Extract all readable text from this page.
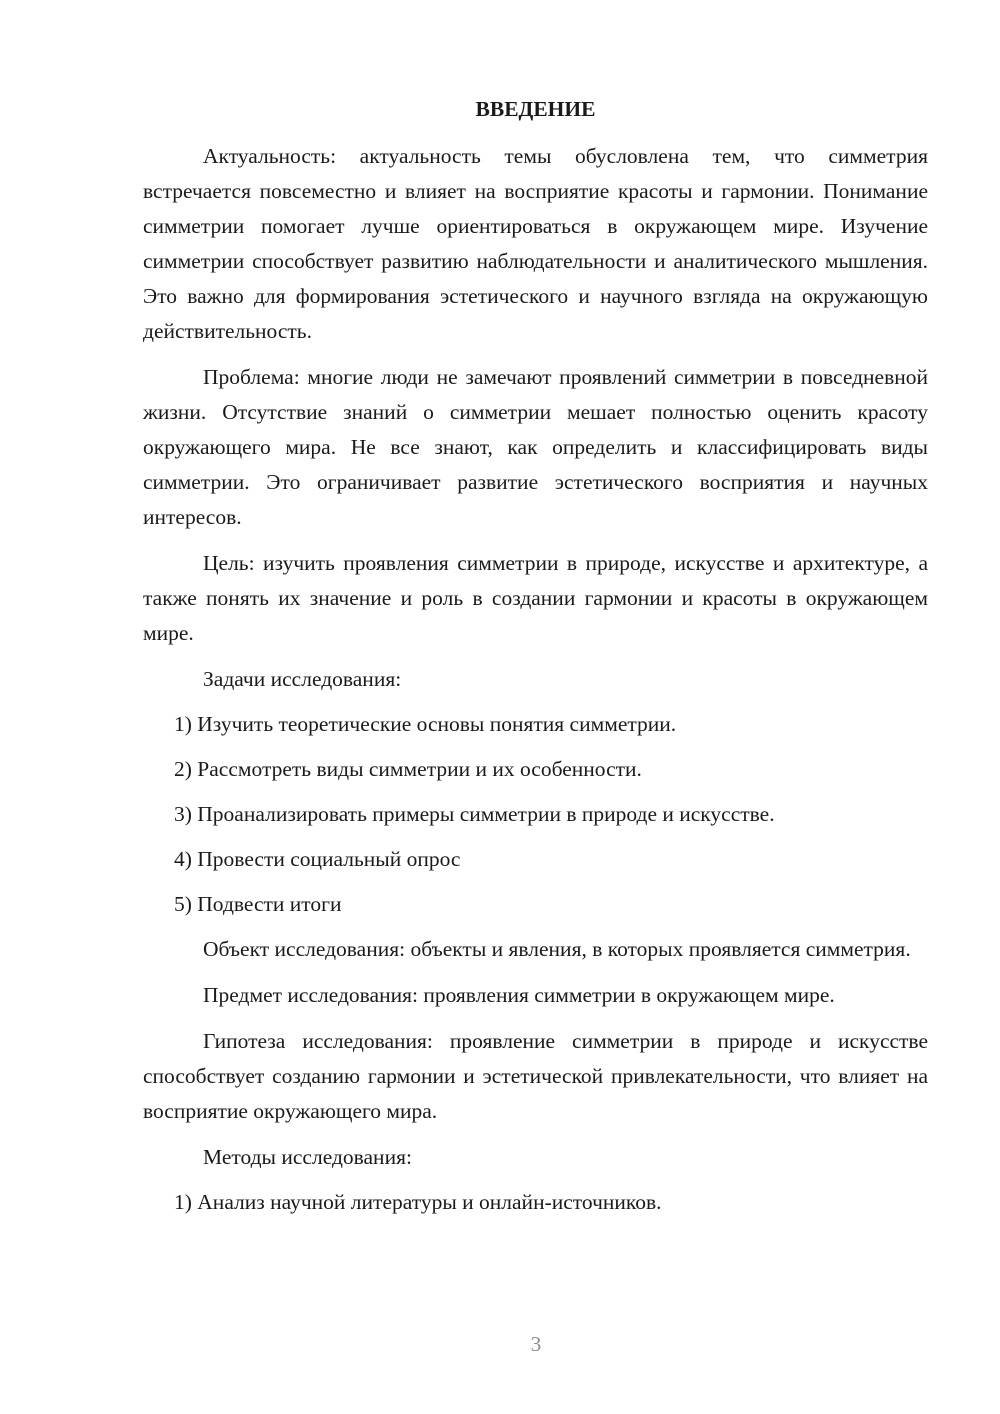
ВВЕДЕНИЕ

Актуальность: актуальность темы обусловлена тем, что симметрия встречается повсеместно и влияет на восприятие красоты и гармонии. Понимание симметрии помогает лучше ориентироваться в окружающем мире. Изучение симметрии способствует развитию наблюдательности и аналитического мышления. Это важно для формирования эстетического и научного взгляда на окружающую действительность.

Проблема: многие люди не замечают проявлений симметрии в повседневной жизни. Отсутствие знаний о симметрии мешает полностью оценить красоту окружающего мира. Не все знают, как определить и классифицировать виды симметрии. Это ограничивает развитие эстетического восприятия и научных интересов.

Цель: изучить проявления симметрии в природе, искусстве и архитектуре, а также понять их значение и роль в создании гармонии и красоты в окружающем мире.

Задачи исследования:

1) Изучить теоретические основы понятия симметрии.

2) Рассмотреть виды симметрии и их особенности.

3) Проанализировать примеры симметрии в природе и искусстве.

4) Провести социальный опрос

5) Подвести итоги

Объект исследования: объекты и явления, в которых проявляется симметрия.

Предмет исследования: проявления симметрии в окружающем мире.

Гипотеза исследования: проявление симметрии в природе и искусстве способствует созданию гармонии и эстетической привлекательности, что влияет на восприятие окружающего мира.

Методы исследования:

1) Анализ научной литературы и онлайн-источников.

3
